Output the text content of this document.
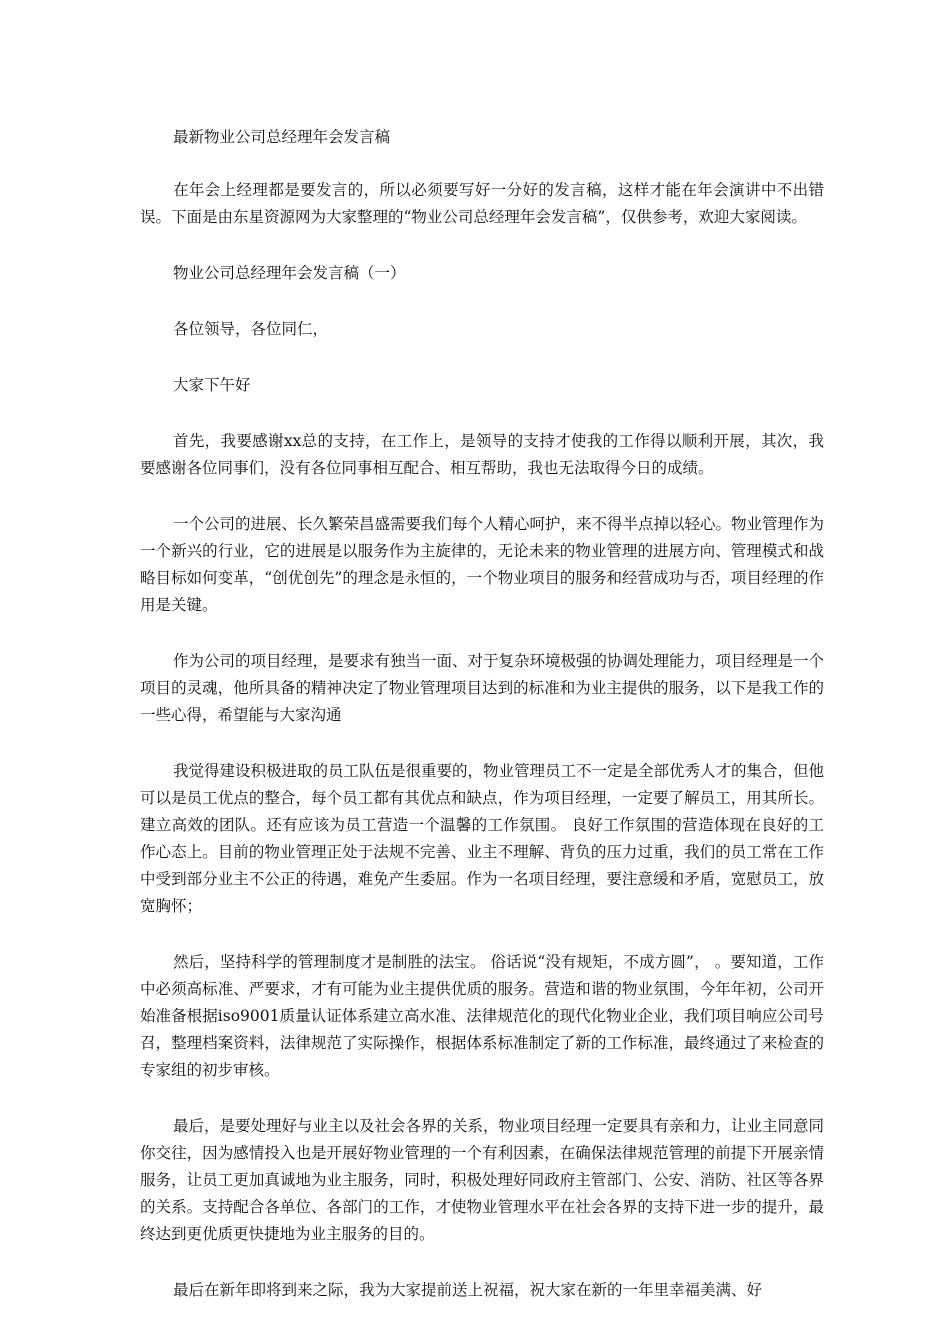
最新物业公司总经理年会发言稿

在年会上经理都是要发言的，所以必须要写好一分好的发言稿，这样才能在年会演讲中不出错误。下面是由东星资源网为大家整理的“物业公司总经理年会发言稿”，仅供参考，欢迎大家阅读。

物业公司总经理年会发言稿（一）

各位领导，各位同仁，

大家下午好

首先，我要感谢xx总的支持，在工作上，是领导的支持才使我的工作得以顺利开展，其次，我要感谢各位同事们，没有各位同事相互配合、相互帮助，我也无法取得今日的成绩。

一个公司的进展、长久繁荣昌盛需要我们每个人精心呵护，来不得半点掉以轻心。物业管理作为一个新兴的行业，它的进展是以服务作为主旋律的，无论未来的物业管理的进展方向、管理模式和战略目标如何变革，“创优创先”的理念是永恒的，一个物业项目的服务和经营成功与否，项目经理的作用是关键。

作为公司的项目经理，是要求有独当一面、对于复杂环境极强的协调处理能力，项目经理是一个项目的灵魂，他所具备的精神决定了物业管理项目达到的标准和为业主提供的服务，以下是我工作的一些心得，希望能与大家沟通

我觉得建设积极进取的员工队伍是很重要的，物业管理员工不一定是全部优秀人才的集合，但他可以是员工优点的整合，每个员工都有其优点和缺点，作为项目经理，一定要了解员工，用其所长。建立高效的团队。还有应该为员工营造一个温馨的工作氛围。 良好工作氛围的营造体现在良好的工作心态上。目前的物业管理正处于法规不完善、业主不理解、背负的压力过重，我们的员工常在工作中受到部分业主不公正的待遇，难免产生委屈。作为一名项目经理，要注意缓和矛盾，宽慰员工，放宽胸怀；

然后，坚持科学的管理制度才是制胜的法宝。 俗话说“没有规矩，不成方圆”， 。要知道，工作中必须高标准、严要求，才有可能为业主提供优质的服务。营造和谐的物业氛围，今年年初，公司开始准备根据iso9001质量认证体系建立高水准、法律规范化的现代化物业企业，我们项目响应公司号召，整理档案资料，法律规范了实际操作，根据体系标准制定了新的工作标准，最终通过了来检查的专家组的初步审核。

最后，是要处理好与业主以及社会各界的关系，物业项目经理一定要具有亲和力，让业主同意同你交往，因为感情投入也是开展好物业管理的一个有利因素，在确保法律规范管理的前提下开展亲情服务，让员工更加真诚地为业主服务，同时，积极处理好同政府主管部门、公安、消防、社区等各界的关系。支持配合各单位、各部门的工作，才使物业管理水平在社会各界的支持下进一步的提升，最终达到更优质更快捷地为业主服务的目的。

最后在新年即将到来之际，我为大家提前送上祝福，祝大家在新的一年里幸福美满、好
